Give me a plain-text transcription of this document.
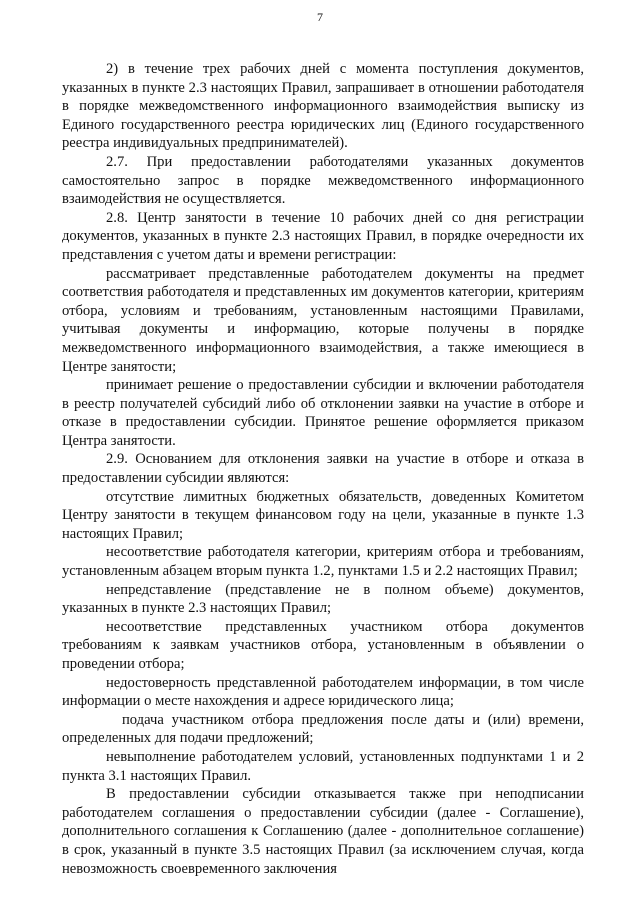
7

2) в течение трех рабочих дней с момента поступления документов, указанных в пункте 2.3 настоящих Правил, запрашивает в отношении работодателя в порядке межведомственного информационного взаимодействия выписку из Единого государственного реестра юридических лиц (Единого государственного реестра индивидуальных предпринимателей).

2.7. При предоставлении работодателями указанных документов самостоятельно запрос в порядке межведомственного информационного взаимодействия не осуществляется.

2.8. Центр занятости в течение 10 рабочих дней со дня регистрации документов, указанных в пункте 2.3 настоящих Правил, в порядке очередности их представления с учетом даты и времени регистрации:

рассматривает представленные работодателем документы на предмет соответствия работодателя и представленных им документов категории, критериям отбора, условиям и требованиям, установленным настоящими Правилами, учитывая документы и информацию, которые получены в порядке межведомственного информационного взаимодействия, а также имеющиеся в Центре занятости;

принимает решение о предоставлении субсидии и включении работодателя в реестр получателей субсидий либо об отклонении заявки на участие в отборе и отказе в предоставлении субсидии. Принятое решение оформляется приказом Центра занятости.

2.9. Основанием для отклонения заявки на участие в отборе и отказа в предоставлении субсидии являются:

отсутствие лимитных бюджетных обязательств, доведенных Комитетом Центру занятости в текущем финансовом году на цели, указанные в пункте 1.3 настоящих Правил;

несоответствие работодателя категории, критериям отбора и требованиям, установленным абзацем вторым пункта 1.2, пунктами 1.5 и 2.2 настоящих Правил;

непредставление (представление не в полном объеме) документов, указанных в пункте 2.3 настоящих Правил;

несоответствие представленных участником отбора документов требованиям к заявкам участников отбора, установленным в объявлении о проведении отбора;

недостоверность представленной работодателем информации, в том числе информации о месте нахождения и адресе юридического лица;

подача участником отбора предложения после даты и (или) времени, определенных для подачи предложений;

невыполнение работодателем условий, установленных подпунктами 1 и 2 пункта 3.1 настоящих Правил.

В предоставлении субсидии отказывается также при неподписании работодателем соглашения о предоставлении субсидии (далее - Соглашение), дополнительного соглашения к Соглашению (далее - дополнительное соглашение) в срок, указанный в пункте 3.5 настоящих Правил (за исключением случая, когда невозможность своевременного заключения
